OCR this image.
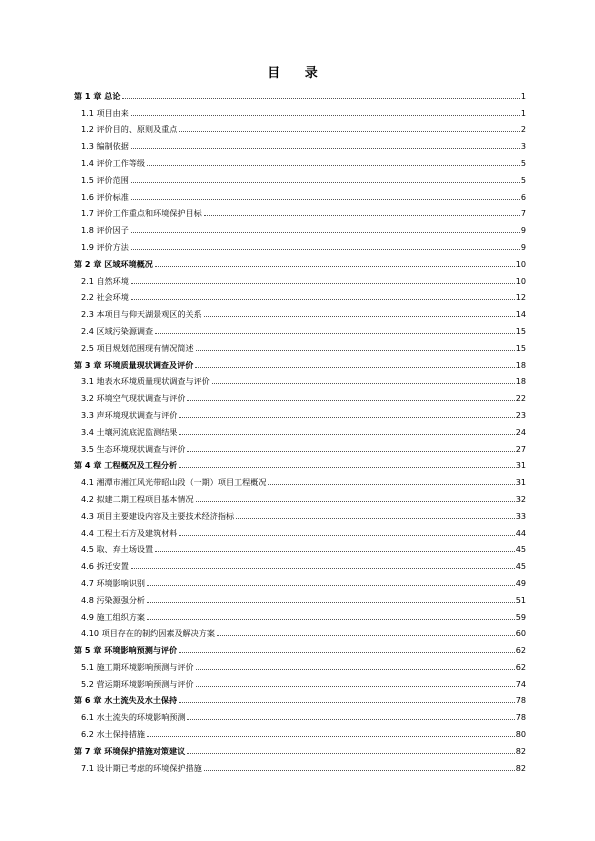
目 录
第 1 章 总论	1
1.1 项目由来	1
1.2 评价目的、原则及重点	2
1.3 编制依据	3
1.4 评价工作等级	5
1.5 评价范围	5
1.6 评价标准	6
1.7 评价工作重点和环境保护目标	7
1.8 评价因子	9
1.9 评价方法	9
第 2 章 区域环境概况	10
2.1 自然环境	10
2.2 社会环境	12
2.3 本项目与仰天湖景观区的关系	14
2.4 区域污染源调查	15
2.5 项目规划范围现有情况简述	15
第 3 章 环境质量现状调查及评价	18
3.1 地表水环境质量现状调查与评价	18
3.2 环境空气现状调查与评价	22
3.3 声环境现状调查与评价	23
3.4 土壤河流底泥监测结果	24
3.5 生态环境现状调查与评价	27
第 4 章 工程概况及工程分析	31
4.1 湘潭市湘江风光带昭山段（一期）项目工程概况	31
4.2 拟建二期工程项目基本情况	32
4.3 项目主要建设内容及主要技术经济指标	33
4.4 工程土石方及建筑材料	44
4.5 取、弃土场设置	45
4.6 拆迁安置	45
4.7 环境影响识别	49
4.8 污染源强分析	51
4.9 施工组织方案	59
4.10 项目存在的制约因素及解决方案	60
第 5 章 环境影响预测与评价	62
5.1 施工期环境影响预测与评价	62
5.2 营运期环境影响预测与评价	74
第 6 章 水土流失及水土保持	78
6.1 水土流失的环境影响预测	78
6.2 水土保持措施	80
第 7 章 环境保护措施对策建议	82
7.1 设计期已考虑的环境保护措施	82
